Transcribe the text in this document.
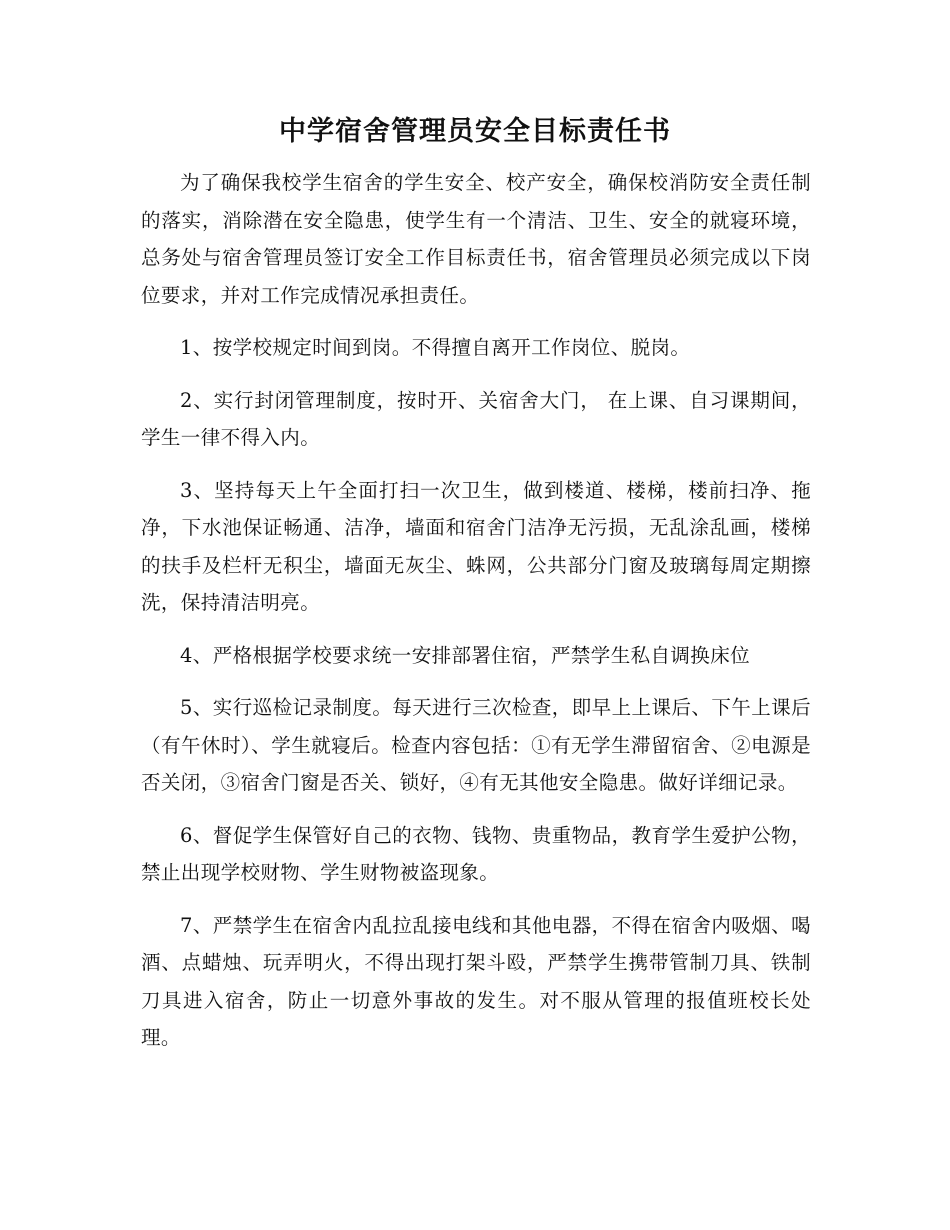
中学宿舍管理员安全目标责任书

为了确保我校学生宿舍的学生安全、校产安全，确保校消防安全责任制的落实，消除潜在安全隐患，使学生有一个清洁、卫生、安全的就寝环境，总务处与宿舍管理员签订安全工作目标责任书，宿舍管理员必须完成以下岗位要求，并对工作完成情况承担责任。

1、按学校规定时间到岗。不得擅自离开工作岗位、脱岗。

2、实行封闭管理制度，按时开、关宿舍大门， 在上课、自习课期间，学生一律不得入内。

3、坚持每天上午全面打扫一次卫生，做到楼道、楼梯，楼前扫净、拖净，下水池保证畅通、洁净，墙面和宿舍门洁净无污损，无乱涂乱画，楼梯的扶手及栏杆无积尘，墙面无灰尘、蛛网，公共部分门窗及玻璃每周定期擦洗，保持清洁明亮。

4、严格根据学校要求统一安排部署住宿，严禁学生私自调换床位

5、实行巡检记录制度。每天进行三次检查，即早上上课后、下午上课后（有午休时）、学生就寝后。检查内容包括：①有无学生滞留宿舍、②电源是否关闭，③宿舍门窗是否关、锁好，④有无其他安全隐患。做好详细记录。

6、督促学生保管好自己的衣物、钱物、贵重物品，教育学生爱护公物，禁止出现学校财物、学生财物被盗现象。

7、严禁学生在宿舍内乱拉乱接电线和其他电器，不得在宿舍内吸烟、喝酒、点蜡烛、玩弄明火，不得出现打架斗殴，严禁学生携带管制刀具、铁制刀具进入宿舍，防止一切意外事故的发生。对不服从管理的报值班校长处理。
